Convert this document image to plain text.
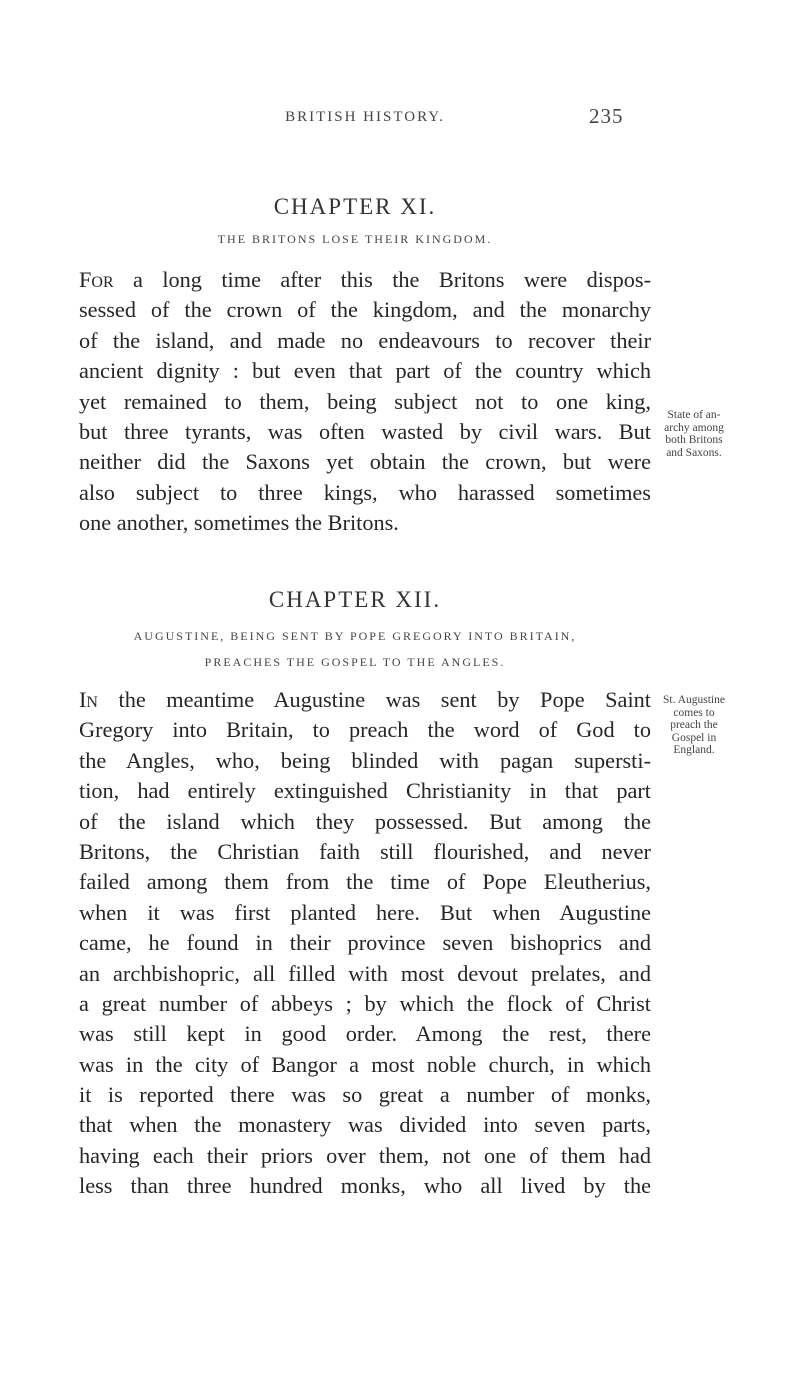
BRITISH HISTORY.	235
CHAPTER XI.
THE BRITONS LOSE THEIR KINGDOM.
For a long time after this the Britons were dispos-
sessed of the crown of the kingdom, and the monarchy
of the island, and made no endeavours to recover their
ancient dignity : but even that part of the country which
yet remained to them, being subject not to one king,
but three tyrants, was often wasted by civil wars. But
neither did the Saxons yet obtain the crown, but were
also subject to three kings, who harassed sometimes
one another, sometimes the Britons.
State of an-
archy among
both Britons
and Saxons.
CHAPTER XII.
AUGUSTINE, BEING SENT BY POPE GREGORY INTO BRITAIN,
PREACHES THE GOSPEL TO THE ANGLES.
In the meantime Augustine was sent by Pope Saint
Gregory into Britain, to preach the word of God to
the Angles, who, being blinded with pagan supersti-
tion, had entirely extinguished Christianity in that part
of the island which they possessed. But among the
Britons, the Christian faith still flourished, and never
failed among them from the time of Pope Eleutherius,
when it was first planted here. But when Augustine
came, he found in their province seven bishoprics and
an archbishopric, all filled with most devout prelates, and
a great number of abbeys ; by which the flock of Christ
was still kept in good order. Among the rest, there
was in the city of Bangor a most noble church, in which
it is reported there was so great a number of monks,
that when the monastery was divided into seven parts,
having each their priors over them, not one of them had
less than three hundred monks, who all lived by the
St. Augustine
comes to
preach the
Gospel in
England.
